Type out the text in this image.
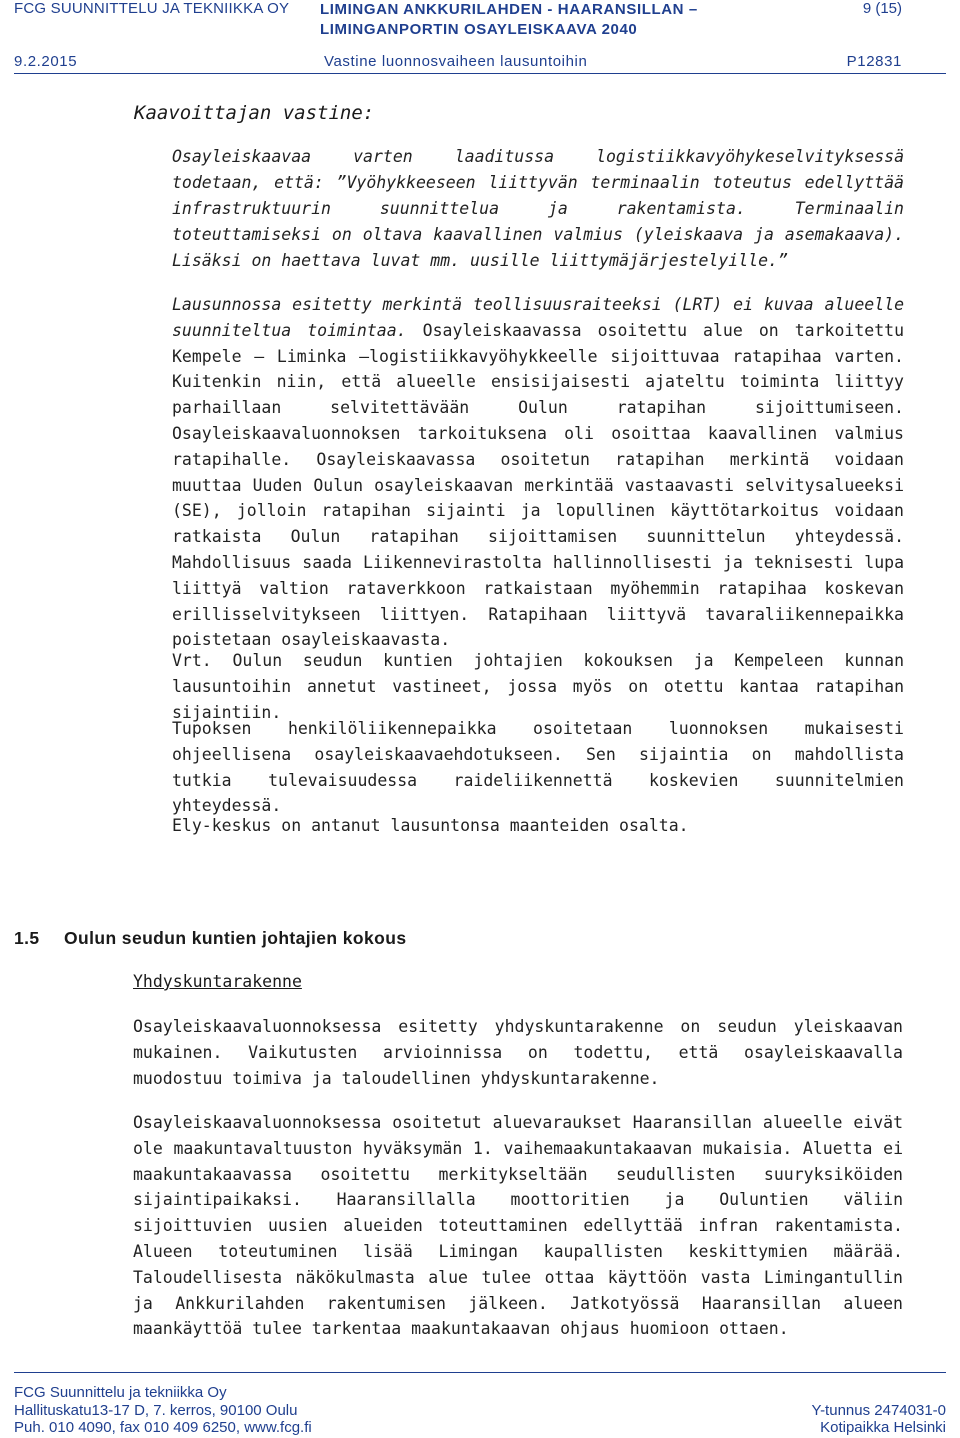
FCG SUUNNITTELU JA TEKNIIKKA OY LIMINGAN ANKKURILAHDEN - HAARANSILLAN –
LIMINGANPORTIN OSAYLEISKAAVA 2040
9 (15)
9.2.2015	Vastine luonnosvaiheen lausuntoihin	P12831
Kaavoittajan vastine:
Osayleiskaavaa varten laaditussa logistiikkavyöhykeselvityksessä todetaan, että: ”Vyöhykkeeseen liittyvän terminaalin toteutus edellyttää infrastruktuurin suunnittelua ja rakentamista. Terminaalin toteuttamiseksi on oltava kaavallinen valmius (yleiskaava ja asemakaava). Lisäksi on haettava luvat mm. uusille liittymäjärjestelyille.”
Lausunnossa esitetty merkintä teollisuusraiteeksi (LRT) ei kuvaa alueelle suunniteltua toimintaa. Osayleiskaavassa osoitettu alue on tarkoitettu Kempele – Liminka –logistiikkavyöhykkeelle sijoittuvaa ratapihaa varten. Kuitenkin niin, että alueelle ensisijaisesti ajateltu toiminta liittyy parhaillaan selvitettävään Oulun ratapihan sijoittumiseen. Osayleiskaavaluonnoksen tarkoituksena oli osoittaa kaavallinen valmius ratapihalle. Osayleiskaavassa osoitetun ratapihan merkintä voidaan muuttaa Uuden Oulun osayleiskaavan merkintää vastaavasti selvitysalueeksi (SE), jolloin ratapihan sijainti ja lopullinen käyttötarkoitus voidaan ratkaista Oulun ratapihan sijoittamisen suunnittelun yhteydessä. Mahdollisuus saada Liikennevirastolta hallinnollisesti ja teknisesti lupa liittyä valtion rataverkkoon ratkaistaan myöhemmin ratapihaa koskevan erillisselvitykseen liittyen. Ratapihaan liittyvä tavaraliikennepaikka poistetaan osayleiskaavasta.
Vrt. Oulun seudun kuntien johtajien kokouksen ja Kempeleen kunnan lausuntoihin annetut vastineet, jossa myös on otettu kantaa ratapihan sijaintiin.
Tupoksen henkilöliikennepaikka osoitetaan luonnoksen mukaisesti ohjeellisena osayleiskaavaehdotukseen. Sen sijaintia on mahdollista tutkia tulevaisuudessa raideliikennettä koskevien suunnitelmien yhteydessä.
Ely-keskus on antanut lausuntonsa maanteiden osalta.
1.5 Oulun seudun kuntien johtajien kokous
Yhdyskuntarakenne
Osayleiskaavaluonnoksessa esitetty yhdyskuntarakenne on seudun yleiskaavan mukainen. Vaikutusten arvioinnissa on todettu, että osayleiskaavalla muodostuu toimiva ja taloudellinen yhdyskuntarakenne.
Osayleiskaavaluonnoksessa osoitetut aluevaraukset Haaransillan alueelle eivät ole maakuntavaltuuston hyväksymän 1. vaihemaakuntakaavan mukaisia. Aluetta ei maakuntakaavassa osoitettu merkitykseltään seudullisten suuryksiköiden sijaintipaikaksi. Haaransillalla moottoritien ja Ouluntien väliin sijoittuvien uusien alueiden toteuttaminen edellyttää infran rakentamista. Alueen toteutuminen lisää Limingan kaupallisten keskittymien määrää. Taloudellisesta näkökulmasta alue tulee ottaa käyttöön vasta Limingantullin ja Ankkurilahden rakentumisen jälkeen. Jatkotyössä Haaransillan alueen maankäyttöä tulee tarkentaa maakuntakaavan ohjaus huomioon ottaen.
FCG Suunnittelu ja tekniikka Oy
Hallituskatu13-17 D, 7. kerros, 90100 Oulu
Puh. 010 4090, fax 010 409 6250, www.fcg.fi
Y-tunnus 2474031-0
Kotipaikka Helsinki
